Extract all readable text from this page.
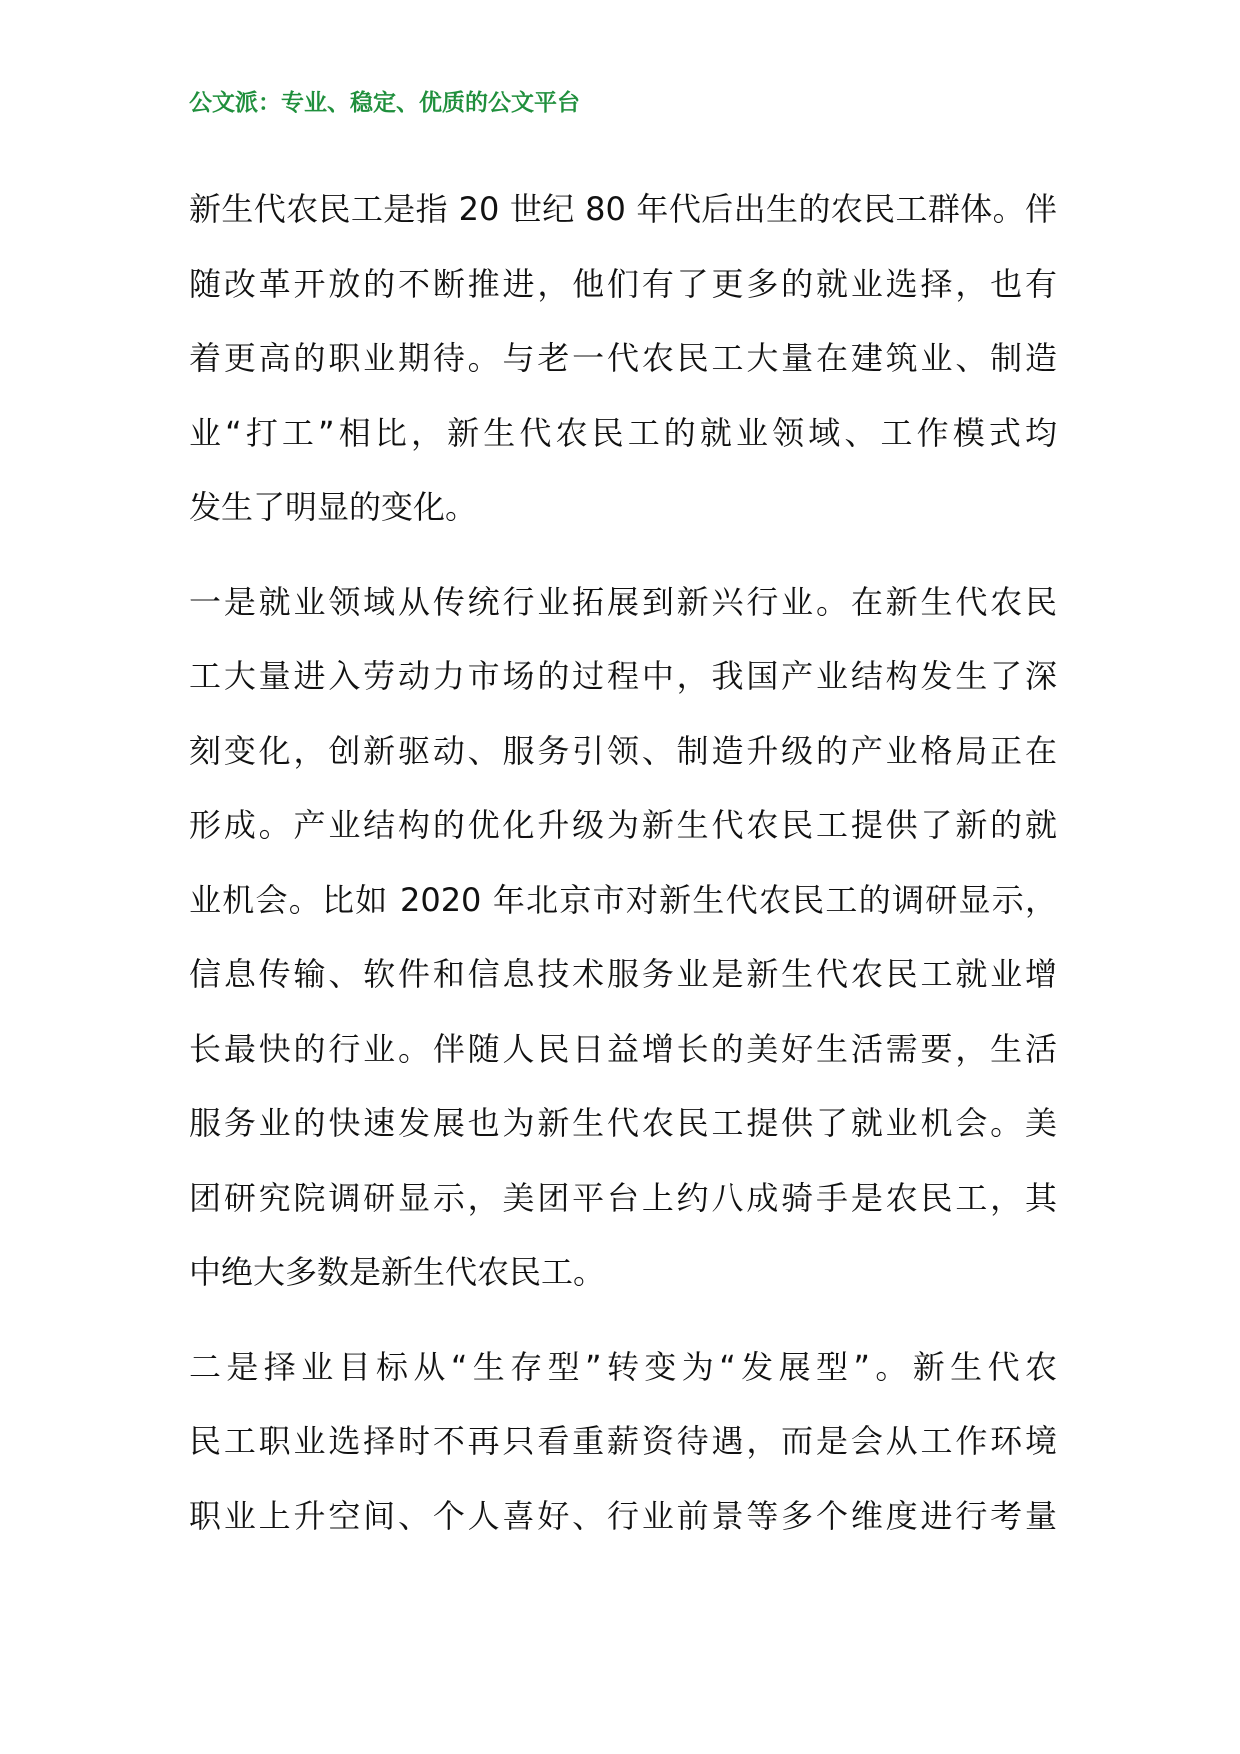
公文派：专业、稳定、优质的公文平台
新生代农民工是指 20 世纪 80 年代后出生的农民工群体。伴
随改革开放的不断推进，他们有了更多的就业选择，也有
着更高的职业期待。与老一代农民工大量在建筑业、制造
业“打工”相比，新生代农民工的就业领域、工作模式均
发生了明显的变化。
一是就业领域从传统行业拓展到新兴行业。在新生代农民
工大量进入劳动力市场的过程中，我国产业结构发生了深
刻变化，创新驱动、服务引领、制造升级的产业格局正在
形成。产业结构的优化升级为新生代农民工提供了新的就
业机会。比如 2020 年北京市对新生代农民工的调研显示，
信息传输、软件和信息技术服务业是新生代农民工就业增
长最快的行业。伴随人民日益增长的美好生活需要，生活
服务业的快速发展也为新生代农民工提供了就业机会。美
团研究院调研显示，美团平台上约八成骑手是农民工，其
中绝大多数是新生代农民工。
二是择业目标从“生存型”转变为“发展型”。新生代农
民工职业选择时不再只看重薪资待遇，而是会从工作环境
职业上升空间、个人喜好、行业前景等多个维度进行考量
